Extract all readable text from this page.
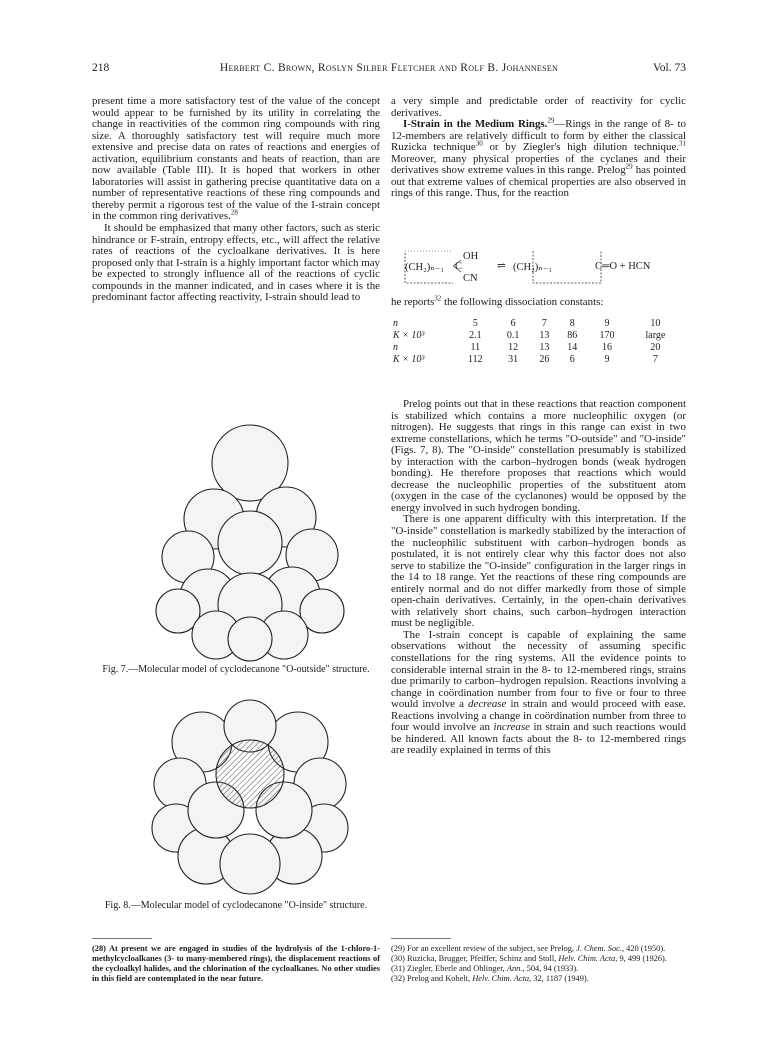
218	Herbert C. Brown, Roslyn Silber Fletcher and Rolf B. Johannesen	Vol. 73

present time a more satisfactory test of the value of the concept would appear to be furnished by its utility in correlating the change in reactivities of the common ring compounds with ring size. A thoroughly satisfactory test will require much more extensive and precise data on rates of reactions and energies of activation, equilibrium constants and heats of reaction, than are now available (Table III). It is hoped that workers in other laboratories will assist in gathering precise quantitative data on a number of representative reactions of these ring compounds and thereby permit a rigorous test of the value of the I-strain concept in the common ring derivatives.$^{28}$

It should be emphasized that many other factors, such as steric hindrance or F-strain, entropy effects, etc., will affect the relative rates of reactions of the cycloalkane derivatives. It is here proposed only that I-strain is a highly important factor which may be expected to strongly influence all of the reactions of cyclic compounds in the manner indicated, and in cases where it is the predominant factor affecting reactivity, I-strain should lead to

a very simple and predictable order of reactivity for cyclic derivatives.

I-Strain in the Medium Rings.$^{29}$—Rings in the range of 8- to 12-members are relatively difficult to form by either the classical Ruzicka technique$^{30}$ or by Ziegler's high dilution technique.$^{31}$ Moreover, many physical properties of the cyclanes and their derivatives show extreme values in this range. Prelog$^{29}$ has pointed out that extreme values of chemical properties are also observed in rings of this range. Thus, for the reaction

(CH₂)ₙ₋₁ C
OH
CN
⇌ (CH₂)ₙ₋₁	C═O + HCN
he reports$^{32}$ the following dissociation constants:
n	5	6	7	8	9	10
K × 10³	2.1	0.1	13	86	170	large
n	11	12	13	14	16	20
K × 10³	112	31	26	6	9	7

Prelog points out that in these reactions that reaction component is stabilized which contains a more nucleophilic oxygen (or nitrogen). He suggests that rings in this range can exist in two extreme constellations, which he terms "O-outside" and "O-inside" (Figs. 7, 8). The "O-inside" constellation presumably is stabilized by interaction with the carbon–hydrogen bonds (weak hydrogen bonding). He therefore proposes that reactions which would decrease the nucleophilic properties of the substituent atom (oxygen in the case of the cyclanones) would be opposed by the energy involved in such hydrogen bonding.

There is one apparent difficulty with this interpretation. If the "O-inside" constellation is markedly stabilized by the interaction of the nucleophilic substituent with carbon–hydrogen bonds as postulated, it is not entirely clear why this factor does not also serve to stabilize the "O-inside" configuration in the larger rings in the 14 to 18 range. Yet the reactions of these ring compounds are entirely normal and do not differ markedly from those of simple open-chain derivatives. Certainly, in the open-chain derivatives with relatively short chains, such carbon–hydrogen interaction must be negligible.

The I-strain concept is capable of explaining the same observations without the necessity of assuming specific constellations for the ring systems. All the evidence points to considerable internal strain in the 8- to 12-membered rings, strains due primarily to carbon–hydrogen repulsion. Reactions involving a change in coördination number from four to five or four to three would involve a decrease in strain and would proceed with ease. Reactions involving a change in coördination number from three to four would involve an increase in strain and such reactions would be hindered. All known facts about the 8- to 12-membered rings are readily explained in terms of this

Fig. 7.—Molecular model of cyclodecanone "O-outside" structure.
Fig. 8.—Molecular model of cyclodecanone "O-inside" structure.

(28) At present we are engaged in studies of the hydrolysis of the 1-chloro-1-methylcycloalkanes (3- to many-membered rings), the displacement reactions of the cycloalkyl halides, and the chlorination of the cycloalkanes. No other studies in this field are contemplated in the near future.

(29) For an excellent review of the subject, see Prelog, J. Chem. Soc., 420 (1950).

(30) Ruzicka, Brugger, Pfeiffer, Schinz and Stoll, Helv. Chim. Acta, 9, 499 (1926).

(31) Ziegler, Eberle and Ohlinger, Ann., 504, 94 (1933).

(32) Prelog and Kobelt, Helv. Chim. Acta, 32, 1187 (1949).
